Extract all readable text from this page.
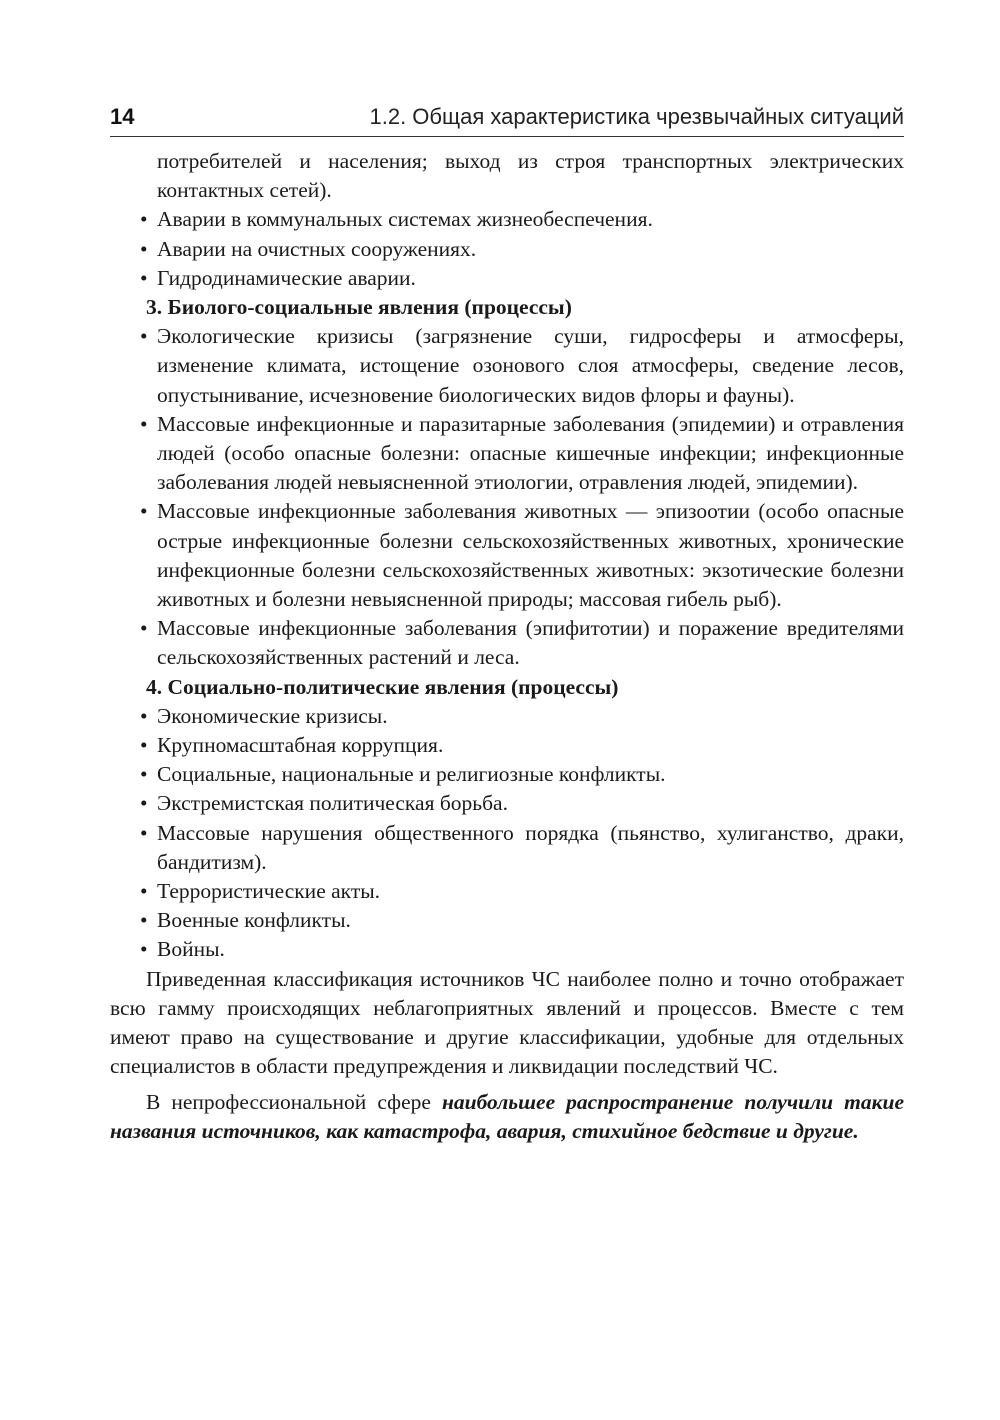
14	1.2. Общая характеристика чрезвычайных ситуаций

потребителей и населения; выход из строя транспортных электрических контактных сетей).

• Аварии в коммунальных системах жизнеобеспечения.

• Аварии на очистных сооружениях.

• Гидродинамические аварии.

3. Биолого-социальные явления (процессы)

• Экологические кризисы (загрязнение суши, гидросферы и атмосферы, изменение климата, истощение озонового слоя атмосферы, сведение лесов, опустынивание, исчезновение биологических видов флоры и фауны).

• Массовые инфекционные и паразитарные заболевания (эпидемии) и отравления людей (особо опасные болезни: опасные кишечные инфекции; инфекционные заболевания людей невыясненной этиологии, отравления людей, эпидемии).

• Массовые инфекционные заболевания животных — эпизоотии (особо опасные острые инфекционные болезни сельскохозяйственных животных, хронические инфекционные болезни сельскохозяйственных животных: экзотические болезни животных и болезни невыясненной природы; массовая гибель рыб).

• Массовые инфекционные заболевания (эпифитотии) и поражение вредителями сельскохозяйственных растений и леса.

4. Социально-политические явления (процессы)

• Экономические кризисы.

• Крупномасштабная коррупция.

• Социальные, национальные и религиозные конфликты.

• Экстремистская политическая борьба.

• Массовые нарушения общественного порядка (пьянство, хулиганство, драки, бандитизм).

• Террористические акты.

• Военные конфликты.

• Войны.

Приведенная классификация источников ЧС наиболее полно и точно отображает всю гамму происходящих неблагоприятных явлений и процессов. Вместе с тем имеют право на существование и другие классификации, удобные для отдельных специалистов в области предупреждения и ликвидации последствий ЧС.

В непрофессиональной сфере наибольшее распространение получили такие названия источников, как катастрофа, авария, стихийное бедствие и другие.
